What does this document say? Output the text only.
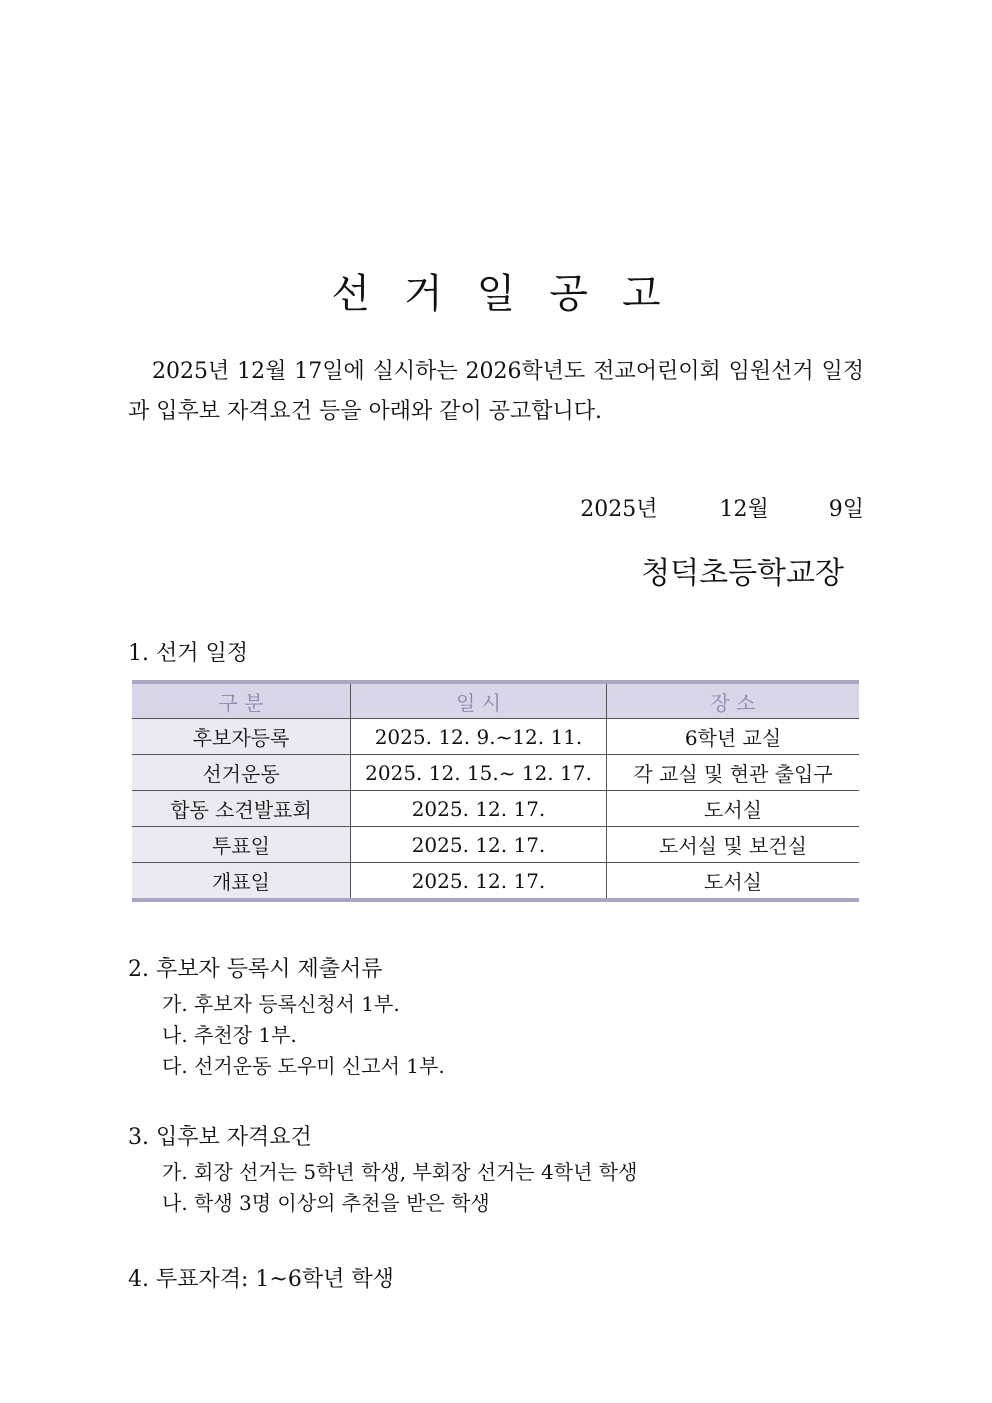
선거일공고
2025년 12월 17일에 실시하는 2026학년도 전교어린이회 임원선거 일정과 입후보 자격요건 등을 아래와 같이 공고합니다.
2025년	12월	9일
청덕초등학교장
1. 선거 일정
구 분	일 시	장 소
후보자등록	2025. 12. 9.~12. 11.	6학년 교실
선거운동	2025. 12. 15.~ 12. 17.	각 교실 및 현관 출입구
합동 소견발표회	2025. 12. 17.	도서실
투표일	2025. 12. 17.	도서실 및 보건실
개표일	2025. 12. 17.	도서실
2. 후보자 등록시 제출서류
가. 후보자 등록신청서 1부.
나. 추천장 1부.
다. 선거운동 도우미 신고서 1부.
3. 입후보 자격요건
가. 회장 선거는 5학년 학생, 부회장 선거는 4학년 학생
나. 학생 3명 이상의 추천을 받은 학생
4. 투표자격: 1~6학년 학생
